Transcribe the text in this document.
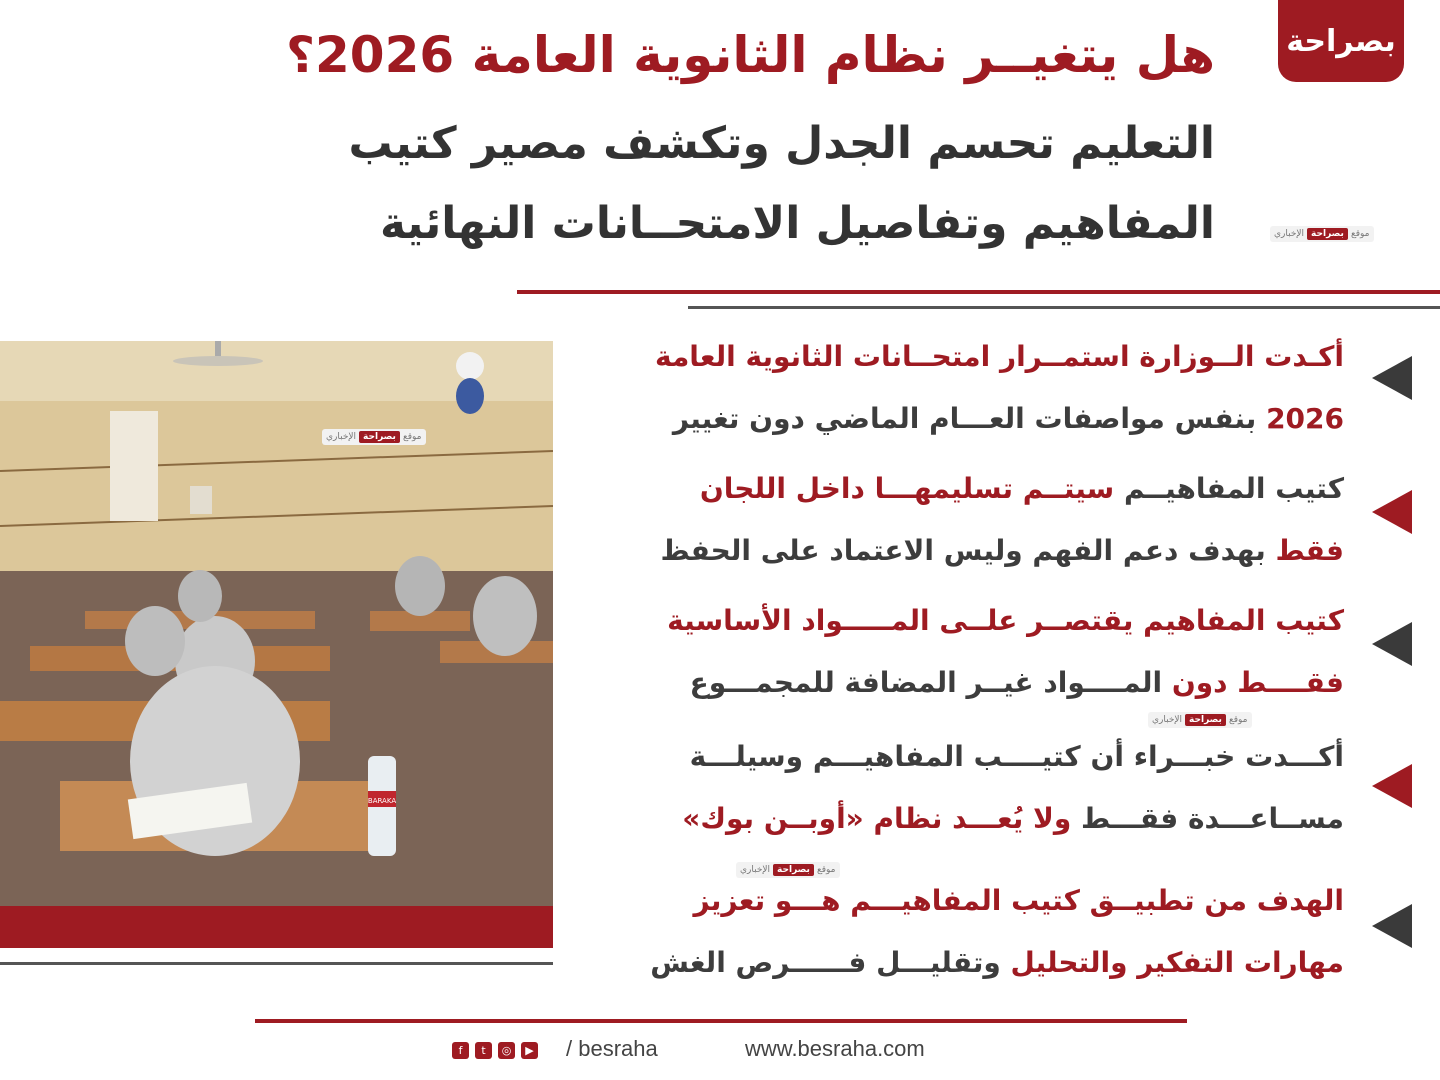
بصراحة
هل يتغيــر نظام الثانوية العامة 2026؟
التعليم تحسم الجدل وتكشف مصير كتيب
المفاهيم وتفاصيل الامتحــانات النهائية	موقع
بصراحة
الإخباري
BARAKA
موقع
بصراحة
الإخباري
أكـدت الــوزارة استمــرار امتحــانات الثانوية العامة
2026 بنفس مواصفات العـــام الماضي دون تغيير
كتيب المفاهيــم سيتــم تسليمهـــا داخل اللجان
فقط بهدف دعم الفهم وليس الاعتماد على الحفظ
كتيب المفاهيم يقتصــر علــى المـــــواد الأساسية
فقــــط دون المــــواد غيــر المضافة للمجمـــوع
موقع
بصراحة
الإخباري
أكـــدت خبـــراء أن كتيــــب المفاهيـــم وسيلـــة
مســاعـــدة فقـــط ولا يُعـــد نظام «أوبــن بوك»
موقع
بصراحة
الإخباري
الهدف من تطبيــق كتيب المفاهيـــم هـــو تعزيز
مهارات التفكير والتحليل وتقليـــل فــــــرص الغش
f	t	◎	▶ / besraha	www.besraha.com
